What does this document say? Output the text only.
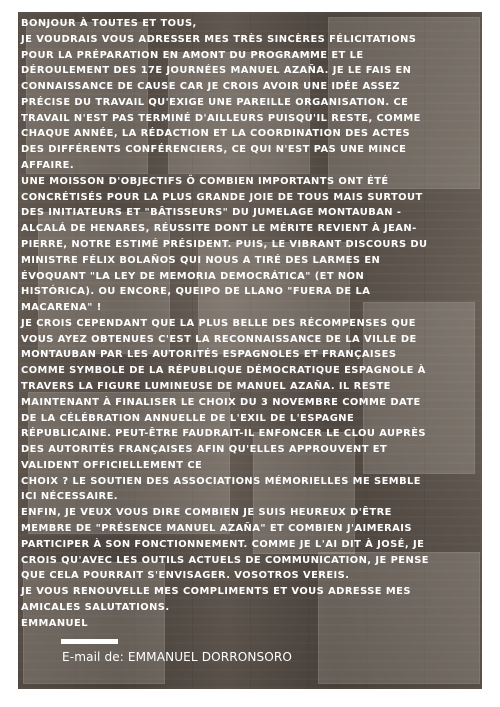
BONJOUR À TOUTES ET TOUS,
JE VOUDRAIS VOUS ADRESSER MES TRÈS SINCÈRES FÉLICITATIONS
POUR LA PRÉPARATION EN AMONT DU PROGRAMME ET LE
DÉROULEMENT DES 17E JOURNÉES MANUEL AZAÑA. JE LE FAIS EN
CONNAISSANCE DE CAUSE CAR JE CROIS AVOIR UNE IDÉE ASSEZ
PRÉCISE DU TRAVAIL QU'EXIGE UNE PAREILLE ORGANISATION. CE
TRAVAIL N'EST PAS TERMINÉ D'AILLEURS PUISQU'IL RESTE, COMME
CHAQUE ANNÉE, LA RÉDACTION ET LA COORDINATION DES ACTES
DES DIFFÉRENTS CONFÉRENCIERS, CE QUI N'EST PAS UNE MINCE
AFFAIRE.
UNE MOISSON D'OBJECTIFS Ô COMBIEN IMPORTANTS ONT ÉTÉ
CONCRÉTISÉS POUR LA PLUS GRANDE JOIE DE TOUS MAIS SURTOUT
DES INITIATEURS ET "BÂTISSEURS" DU JUMELAGE MONTAUBAN -
ALCALÁ DE HENARES, RÉUSSITE DONT LE MÉRITE REVIENT À JEAN-
PIERRE, NOTRE ESTIMÉ PRÉSIDENT. PUIS, LE VIBRANT DISCOURS DU
MINISTRE FÉLIX BOLAÑOS QUI NOUS A TIRÉ DES LARMES EN
ÉVOQUANT "LA LEY DE MEMORIA DEMOCRÁTICA" (ET NON
HISTÓRICA). OU ENCORE, QUEIPO DE LLANO "FUERA DE LA
MACARENA" !
JE CROIS CEPENDANT QUE LA PLUS BELLE DES RÉCOMPENSES QUE
VOUS AYEZ OBTENUES C'EST LA RECONNAISSANCE DE LA VILLE DE
MONTAUBAN PAR LES AUTORITÉS ESPAGNOLES ET FRANÇAISES
COMME SYMBOLE DE LA RÉPUBLIQUE DÉMOCRATIQUE ESPAGNOLE À
TRAVERS LA FIGURE LUMINEUSE DE MANUEL AZAÑA. IL RESTE
MAINTENANT À FINALISER LE CHOIX DU 3 NOVEMBRE COMME DATE
DE LA CÉLÉBRATION ANNUELLE DE L'EXIL DE L'ESPAGNE
RÉPUBLICAINE. PEUT-ÊTRE FAUDRAIT-IL ENFONCER LE CLOU AUPRÈS
DES AUTORITÉS FRANÇAISES AFIN QU'ELLES APPROUVENT ET
VALIDENT OFFICIELLEMENT CE
CHOIX ? LE SOUTIEN DES ASSOCIATIONS MÉMORIELLES ME SEMBLE
ICI NÉCESSAIRE.
ENFIN, JE VEUX VOUS DIRE COMBIEN JE SUIS HEUREUX D'ÊTRE
MEMBRE DE "PRÉSENCE MANUEL AZAÑA" ET COMBIEN J'AIMERAIS
PARTICIPER À SON FONCTIONNEMENT. COMME JE L'AI DIT À JOSÉ, JE
CROIS QU'AVEC LES OUTILS ACTUELS DE COMMUNICATION, JE PENSE
QUE CELA POURRAIT S'ENVISAGER. VOSOTROS VEREIS.
JE VOUS RENOUVELLE MES COMPLIMENTS ET VOUS ADRESSE MES
AMICALES SALUTATIONS.
EMMANUEL
E-mail de: EMMANUEL DORRONSORO
